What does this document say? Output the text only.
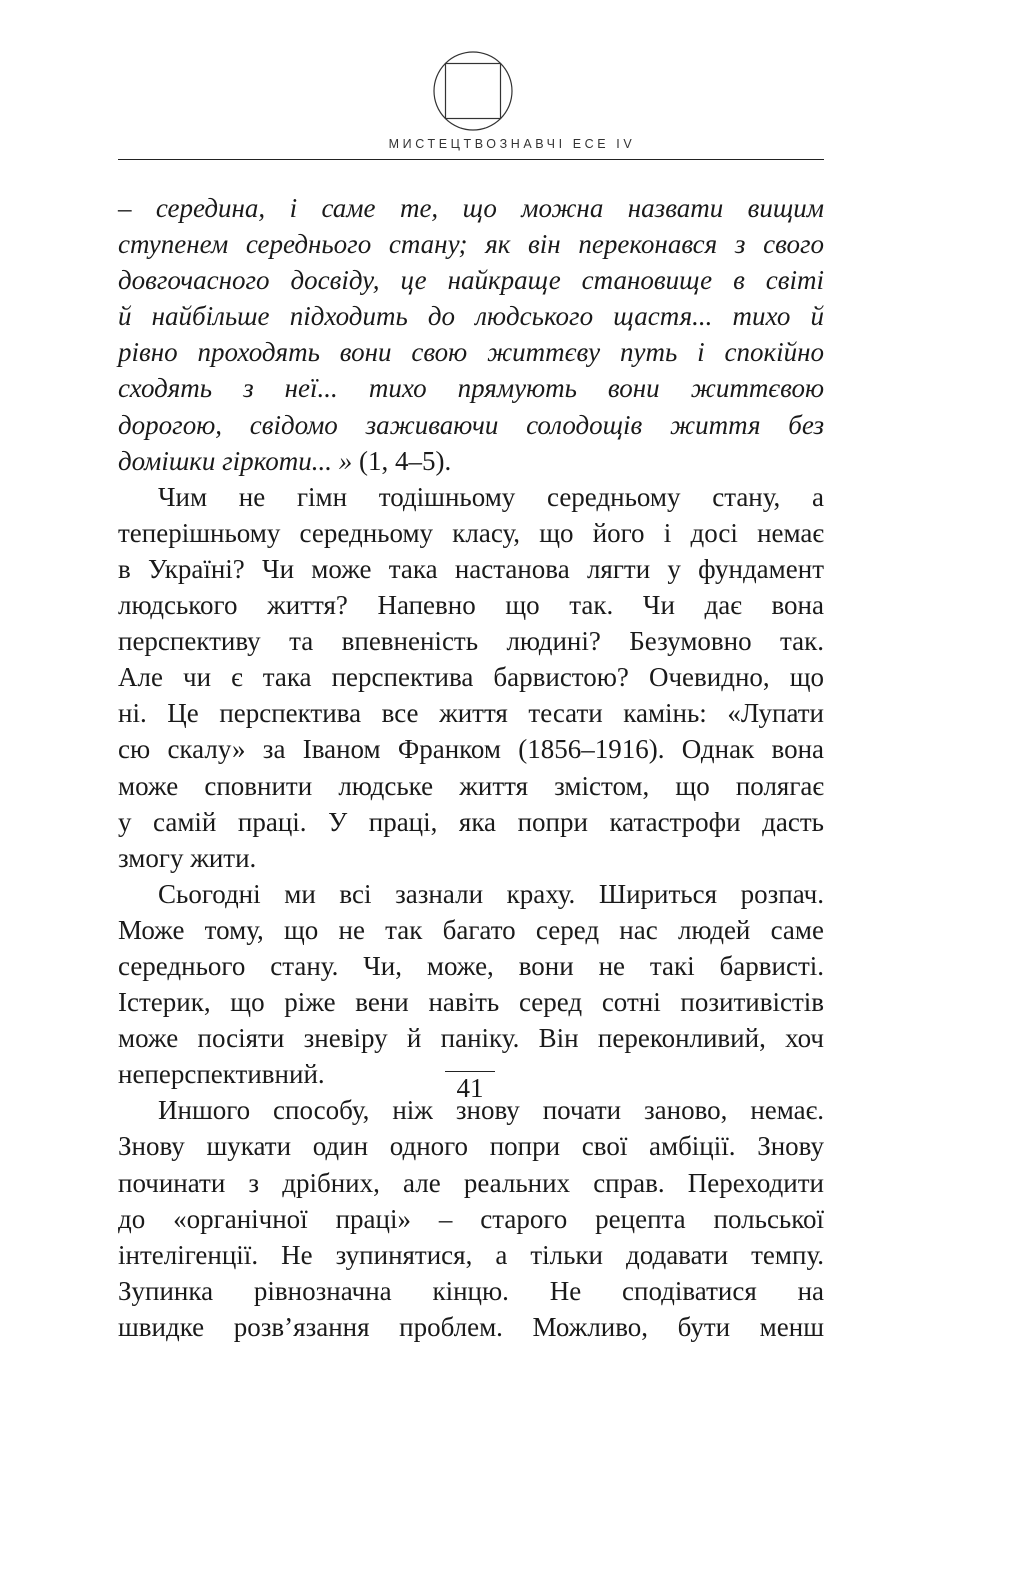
МИСТЕЦТВОЗНАВЧІ ЕСЕ IV
– середина, і саме те, що можна назвати вищим
ступенем середнього стану; як він переконався з свого
довгочасного досвіду, це найкраще становище в світі
й найбільше підходить до людського щастя... тихо й
рівно проходять вони свою життєву путь і спокійно
сходять з неї... тихо прямують вони життєвою
дорогою, свідомо заживаючи солодощів життя без
домішки гіркоти... » (1, 4–5).
Чим не гімн тодішньому середньому стану, а
теперішньому середньому класу, що його і досі немає
в Україні? Чи може така настанова лягти у фундамент
людського життя? Напевно що так. Чи дає вона
перспективу та впевненість людині? Безумовно так.
Але чи є така перспектива барвистою? Очевидно, що
ні. Це перспектива все життя тесати камінь: «Лупати
сю скалу» за Іваном Франком (1856–1916). Однак вона
може сповнити людське життя змістом, що полягає
у самій праці. У праці, яка попри катастрофи дасть
змогу жити.
Сьогодні ми всі зазнали краху. Шириться розпач.
Може тому, що не так багато серед нас людей саме
середнього стану. Чи, може, вони не такі барвисті.
Істерик, що ріже вени навіть серед сотні позитивістів
може посіяти зневіру й паніку. Він переконливий, хоч
неперспективний.
Иншого способу, ніж знову почати заново, немає.
Знову шукати один одного попри свої амбіції. Знову
починати з дрібних, але реальних справ. Переходити
до «органічної праці» – старого рецепта польської
інтелігенції. Не зупинятися, а тільки додавати темпу.
Зупинка рівнозначна кінцю. Не сподіватися на
швидке розв’язання проблем. Можливо, бути менш
41
